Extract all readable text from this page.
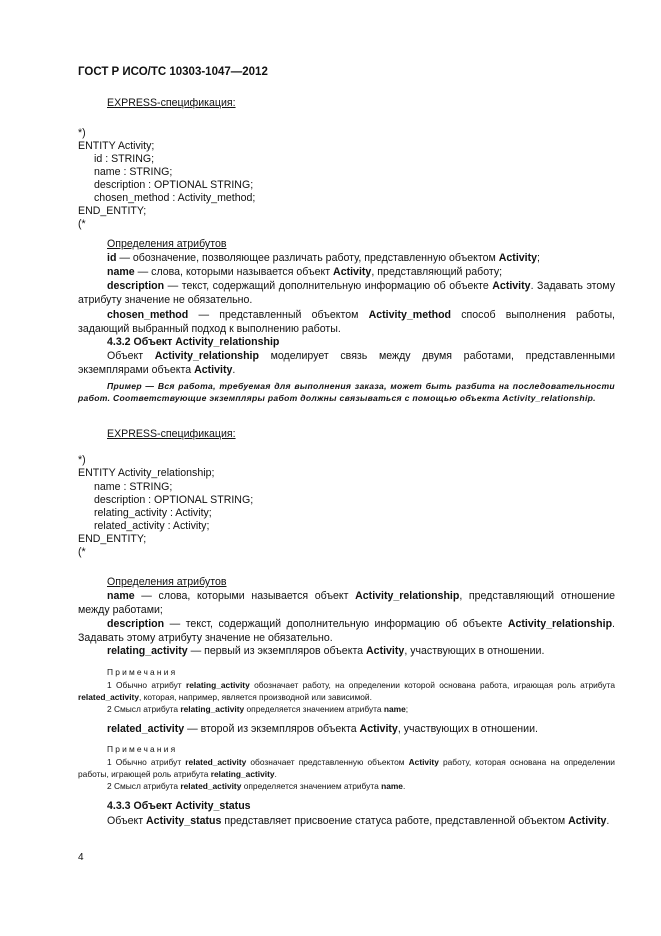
ГОСТ Р ИСО/ТС 10303-1047—2012
EXPRESS-спецификация:
*)
ENTITY Activity;
id : STRING;
name : STRING;
description : OPTIONAL STRING;
chosen_method : Activity_method;
END_ENTITY;
(*
Определения атрибутов
id — обозначение, позволяющее различать работу, представленную объектом Activity;
name — слова, которыми называется объект Activity, представляющий работу;
description — текст, содержащий дополнительную информацию об объекте Activity. Задавать этому атрибуту значение не обязательно.
chosen_method — представленный объектом Activity_method способ выполнения работы, задающий выбранный подход к выполнению работы.
4.3.2 Объект Activity_relationship
Объект Activity_relationship моделирует связь между двумя работами, представленными экземплярами объекта Activity.
Пример — Вся работа, требуемая для выполнения заказа, может быть разбита на последовательности работ. Соответствующие экземпляры работ должны связываться с помощью объекта Activity_relationship.
EXPRESS-спецификация:
*)
ENTITY Activity_relationship;
name : STRING;
description : OPTIONAL STRING;
relating_activity : Activity;
related_activity : Activity;
END_ENTITY;
(*
Определения атрибутов
name — слова, которыми называется объект Activity_relationship, представляющий отношение между работами;
description — текст, содержащий дополнительную информацию об объекте Activity_relationship. Задавать этому атрибуту значение не обязательно.
relating_activity — первый из экземпляров объекта Activity, участвующих в отношении.
Примечания
1 Обычно атрибут relating_activity обозначает работу, на определении которой основана работа, играющая роль атрибута related_activity, которая, например, является производной или зависимой.
2 Смысл атрибута relating_activity определяется значением атрибута name;
related_activity — второй из экземпляров объекта Activity, участвующих в отношении.
Примечания
1 Обычно атрибут related_activity обозначает представленную объектом Activity работу, которая основана на определении работы, играющей роль атрибута relating_activity.
2 Смысл атрибута related_activity определяется значением атрибута name.
4.3.3 Объект Activity_status
Объект Activity_status представляет присвоение статуса работе, представленной объектом Activity.
4
